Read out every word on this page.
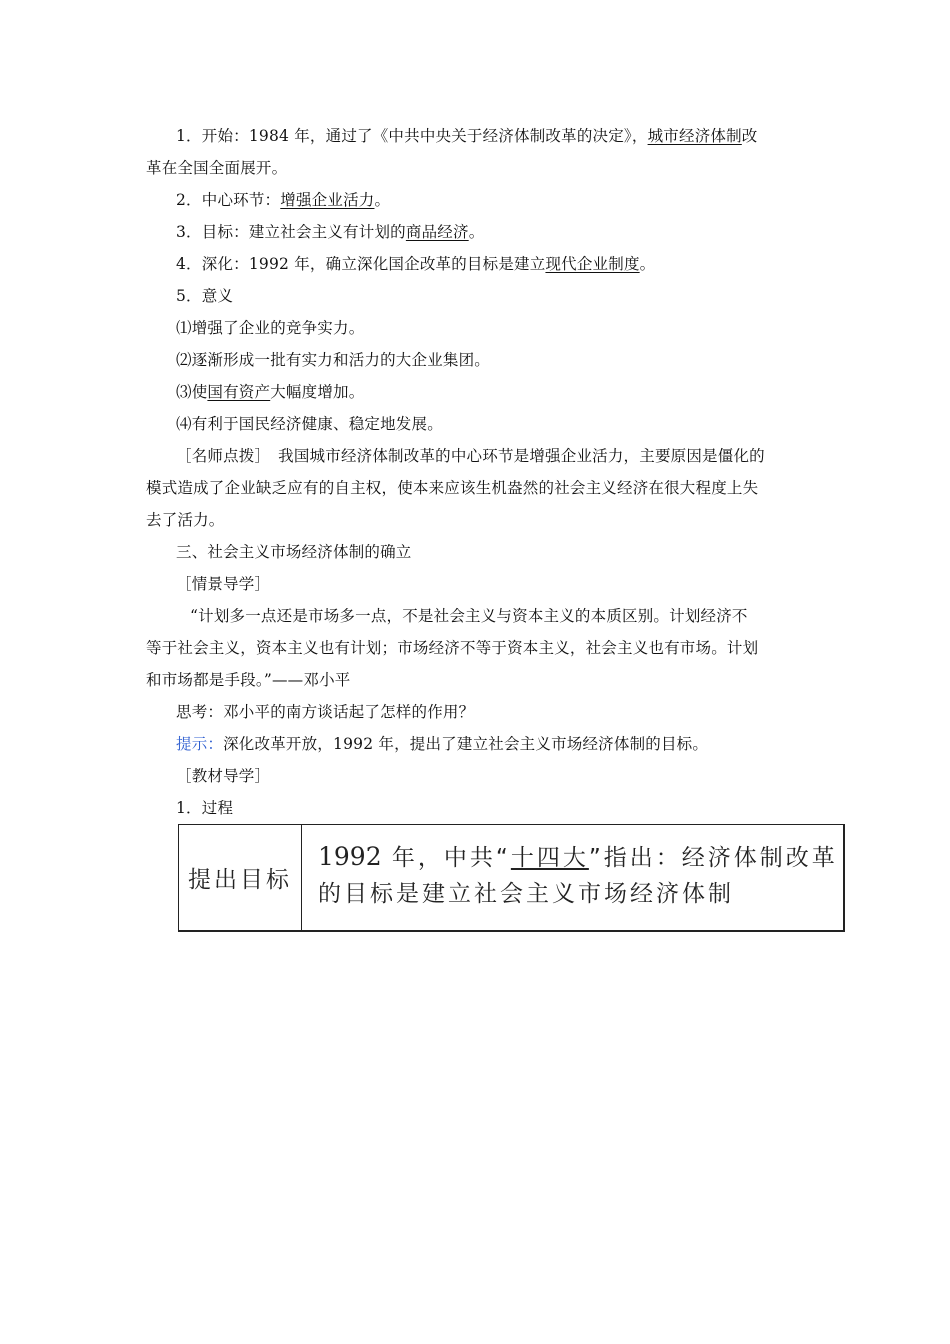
1．开始：1984 年，通过了《中共中央关于经济体制改革的决定》，城市经济体制改
革在全国全面展开。
2．中心环节：增强企业活力。
3．目标：建立社会主义有计划的商品经济。
4．深化：1992 年，确立深化国企改革的目标是建立现代企业制度。
5．意义
⑴增强了企业的竞争实力。
⑵逐渐形成一批有实力和活力的大企业集团。
⑶使国有资产大幅度增加。
⑷有利于国民经济健康、稳定地发展。
［名师点拨］　我国城市经济体制改革的中心环节是增强企业活力，主要原因是僵化的
模式造成了企业缺乏应有的自主权，使本来应该生机盎然的社会主义经济在很大程度上失
去了活力。
三、社会主义市场经济体制的确立
［情景导学］
“计划多一点还是市场多一点，不是社会主义与资本主义的本质区别。计划经济不
等于社会主义，资本主义也有计划；市场经济不等于资本主义，社会主义也有市场。计划
和市场都是手段。”——邓小平
思考：邓小平的南方谈话起了怎样的作用？
提示：深化改革开放，1992 年，提出了建立社会主义市场经济体制的目标。
［教材导学］
1．过程
提出目标
1992 年，中共“十四大”指出：经济体制改革
的目标是建立社会主义市场经济体制
